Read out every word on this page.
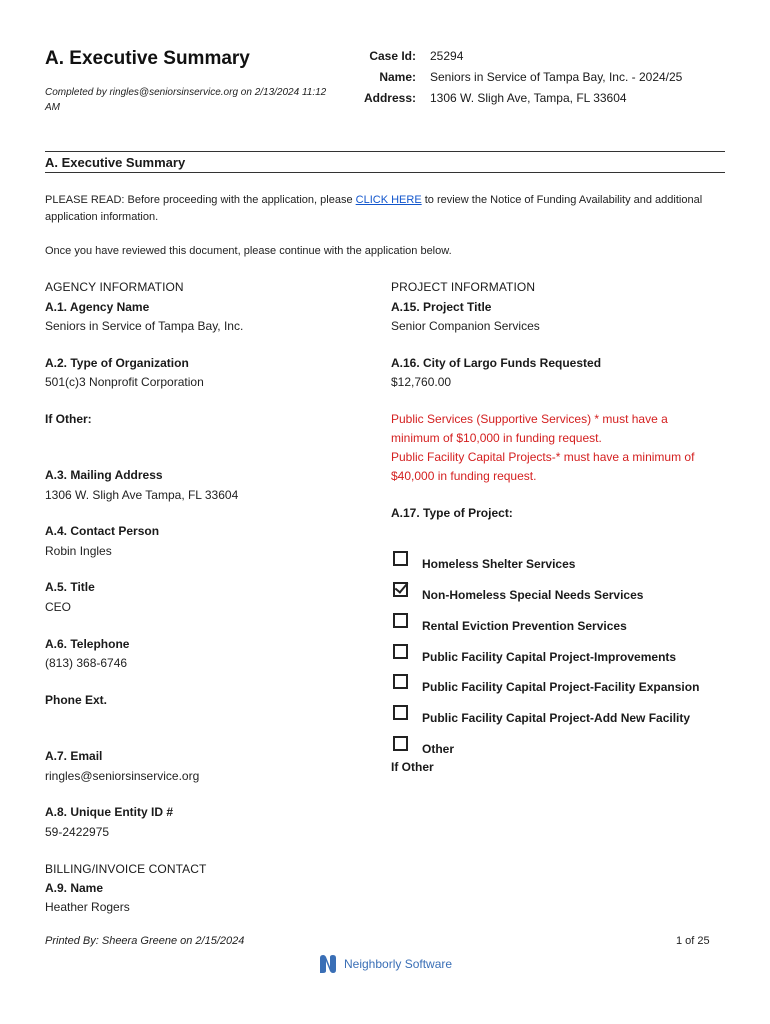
A. Executive Summary
Completed by ringles@seniorsinservice.org on 2/13/2024 11:12 AM
Case Id: 25294
Name: Seniors in Service of Tampa Bay, Inc. - 2024/25
Address: 1306 W. Sligh Ave, Tampa, FL 33604
A. Executive Summary
PLEASE READ: Before proceeding with the application, please CLICK HERE to review the Notice of Funding Availability and additional application information.
Once you have reviewed this document, please continue with the application below.
AGENCY INFORMATION
A.1. Agency Name
Seniors in Service of Tampa Bay, Inc.
A.2. Type of Organization
501(c)3 Nonprofit Corporation
If Other:
A.3. Mailing Address
1306 W. Sligh Ave Tampa, FL 33604
A.4. Contact Person
Robin Ingles
A.5. Title
CEO
A.6. Telephone
(813) 368-6746
Phone Ext.
A.7. Email
ringles@seniorsinservice.org
A.8. Unique Entity ID #
59-2422975
BILLING/INVOICE CONTACT
A.9. Name
Heather Rogers
PROJECT INFORMATION
A.15. Project Title
Senior Companion Services
A.16. City of Largo Funds Requested
$12,760.00
Public Services (Supportive Services) * must have a
minimum of $10,000 in funding request.
Public Facility Capital Projects-* must have a minimum of
$40,000 in funding request.
A.17. Type of Project:
Homeless Shelter Services
Non-Homeless Special Needs Services
Rental Eviction Prevention Services
Public Facility Capital Project-Improvements
Public Facility Capital Project-Facility Expansion
Public Facility Capital Project-Add New Facility
Other
If Other
Printed By: Sheera Greene on 2/15/2024	1 of 25
Neighborly Software
